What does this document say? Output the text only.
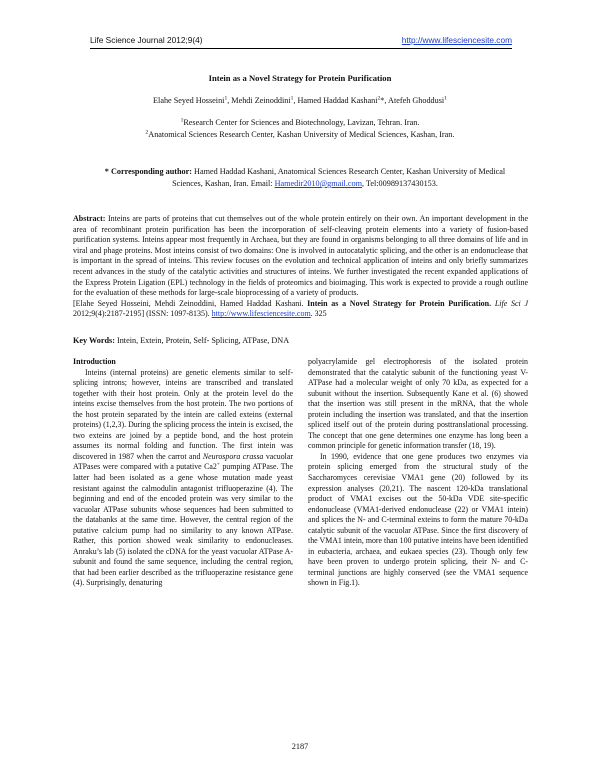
Life Science Journal 2012;9(4)	http://www.lifesciencesite.com
Intein as a Novel Strategy for Protein Purification
Elahe Seyed Hosseini$^1$, Mehdi Zeinoddini$^1$, Hamed Haddad Kashani$^2$*, Atefeh Ghoddusi$^1$
$^1$Research Center for Sciences and Biotechnology, Lavizan, Tehran. Iran.
$^2$Anatomical Sciences Research Center, Kashan University of Medical Sciences, Kashan, Iran.
* Corresponding author: Hamed Haddad Kashani, Anatomical Sciences Research Center, Kashan University of Medical Sciences, Kashan, Iran. Email: Hamedir2010@gmail.com, Tel:00989137430153.
Abstract: Inteins are parts of proteins that cut themselves out of the whole protein entirely on their own. An important development in the area of recombinant protein purification has been the incorporation of self-cleaving protein elements into a variety of fusion-based purification systems. Inteins appear most frequently in Archaea, but they are found in organisms belonging to all three domains of life and in viral and phage proteins. Most inteins consist of two domains: One is involved in autocatalytic splicing, and the other is an endonuclease that is important in the spread of inteins. This review focuses on the evolution and technical application of inteins and only briefly summarizes recent advances in the study of the catalytic activities and structures of inteins. We further investigated the recent expanded applications of the Express Protein Ligation (EPL) technology in the fields of proteomics and bioimaging. This work is expected to provide a rough outline for the evaluation of these methods for large-scale bioprocessing of a variety of products.
[Elahe Seyed Hosseini, Mehdi Zeinoddini, Hamed Haddad Kashani. Intein as a Novel Strategy for Protein Purification. Life Sci J 2012;9(4):2187-2195] (ISSN: 1097-8135). http://www.lifesciencesite.com. 325
Key Words: Intein, Extein, Protein, Self- Splicing, ATPase, DNA

Introduction

Inteins (internal proteins) are genetic elements similar to self-splicing introns; however, inteins are transcribed and translated together with their host protein. Only at the protein level do the inteins excise themselves from the host protein. The two portions of the host protein separated by the intein are called exteins (external proteins) (1,2,3). During the splicing process the intein is excised, the two exteins are joined by a peptide bond, and the host protein assumes its normal folding and function. The first intein was discovered in 1987 when the carrot and Neurospora crassa vacuolar ATPases were compared with a putative Ca2+ pumping ATPase. The latter had been isolated as a gene whose mutation made yeast resistant against the calmodulin antagonist trifluoperazine (4). The beginning and end of the encoded protein was very similar to the vacuolar ATPase subunits whose sequences had been submitted to the databanks at the same time. However, the central region of the putative calcium pump had no similarity to any known ATPase. Rather, this portion showed weak similarity to endonucleases. Anraku’s lab (5) isolated the cDNA for the yeast vacuolar ATPase A-subunit and found the same sequence, including the central region, that had been earlier described as the trifluoperazine resistance gene (4). Surprisingly, denaturing

polyacrylamide gel electrophoresis of the isolated protein demonstrated that the catalytic subunit of the functioning yeast V-ATPase had a molecular weight of only 70 kDa, as expected for a subunit without the insertion. Subsequently Kane et al. (6) showed that the insertion was still present in the mRNA, that the whole protein including the insertion was translated, and that the insertion spliced itself out of the protein during posttranslational processing. The concept that one gene determines one enzyme has long been a common principle for genetic information transfer (18, 19).

In 1990, evidence that one gene produces two enzymes via protein splicing emerged from the structural study of the Saccharomyces cerevisiae VMA1 gene (20) followed by its expression analyses (20,21). The nascent 120-kDa translational product of VMA1 excises out the 50-kDa VDE site-specific endonuclease (VMA1-derived endonuclease (22) or VMA1 intein) and splices the N- and C-terminal exteins to form the mature 70-kDa catalytic subunit of the vacuolar ATPase. Since the first discovery of the VMA1 intein, more than 100 putative inteins have been identified in eubacteria, archaea, and eukaea species (23). Though only few have been proven to undergo protein splicing, their N- and C-terminal junctions are highly conserved (see the VMA1 sequence shown in Fig.1).

2187
